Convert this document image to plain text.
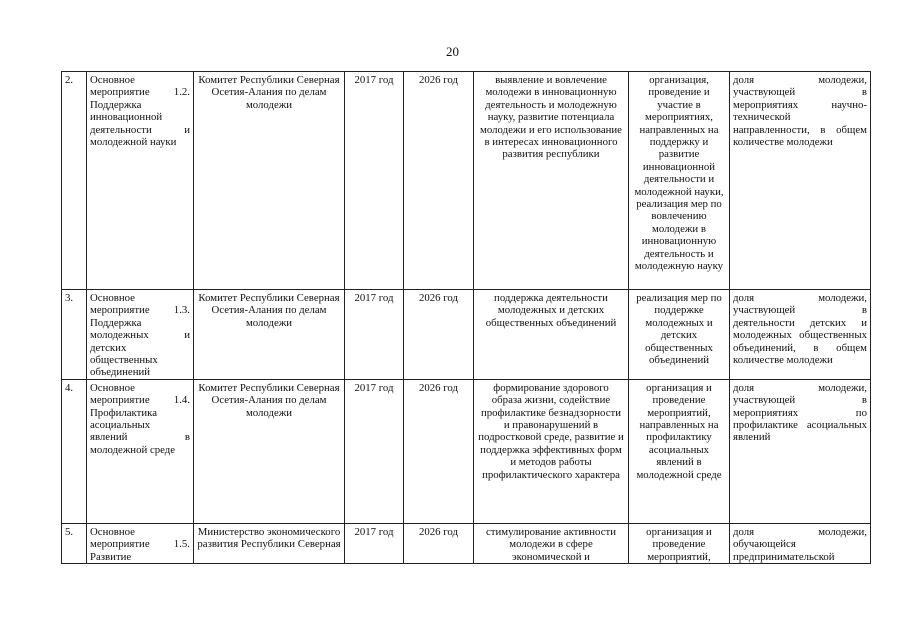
20
2.	Основное мероприятие 1.2. Поддержка инновационной деятельности и молодежной науки	Комитет Республики Северная Осетия-Алания по делам молодежи	2017 год	2026 год	выявление и вовлечение молодежи в инновационную деятельность и молодежную науку, развитие потенциала молодежи и его использование в интересах инновационного развития республики	организация, проведение и участие в мероприятиях, направленных на поддержку и развитие инновационной деятельности и молодежной науки, реализация мер по вовлечению молодежи в инновационную деятельность и молодежную науку	доля молодежи, участвующей в мероприятиях научно-технической направленности, в общем количестве молодежи
3.	Основное мероприятие 1.3. Поддержка молодежных и детских общественных объединений	Комитет Республики Северная Осетия-Алания по делам молодежи	2017 год	2026 год	поддержка деятельности молодежных и детских общественных объединений	реализация мер по поддержке молодежных и детских общественных объединений	доля молодежи, участвующей в деятельности детских и молодежных общественных объединений, в общем количестве молодежи
4.	Основное мероприятие 1.4. Профилактика асоциальных явлений в молодежной среде	Комитет Республики Северная Осетия-Алания по делам молодежи	2017 год	2026 год	формирование здорового образа жизни, содействие профилактике безнадзорности и правонарушений в подростковой среде, развитие и поддержка эффективных форм и методов работы профилактического характера	организация и проведение мероприятий, направленных на профилактику асоциальных явлений в молодежной среде	доля молодежи, участвующей в мероприятиях по профилактике асоциальных явлений
5.	Основное мероприятие 1.5. Развитие	Министерство экономического развития Республики Северная	2017 год	2026 год	стимулирование активности молодежи в сфере экономической и	организация и проведение мероприятий,	доля молодежи, обучающейся предпринимательской
